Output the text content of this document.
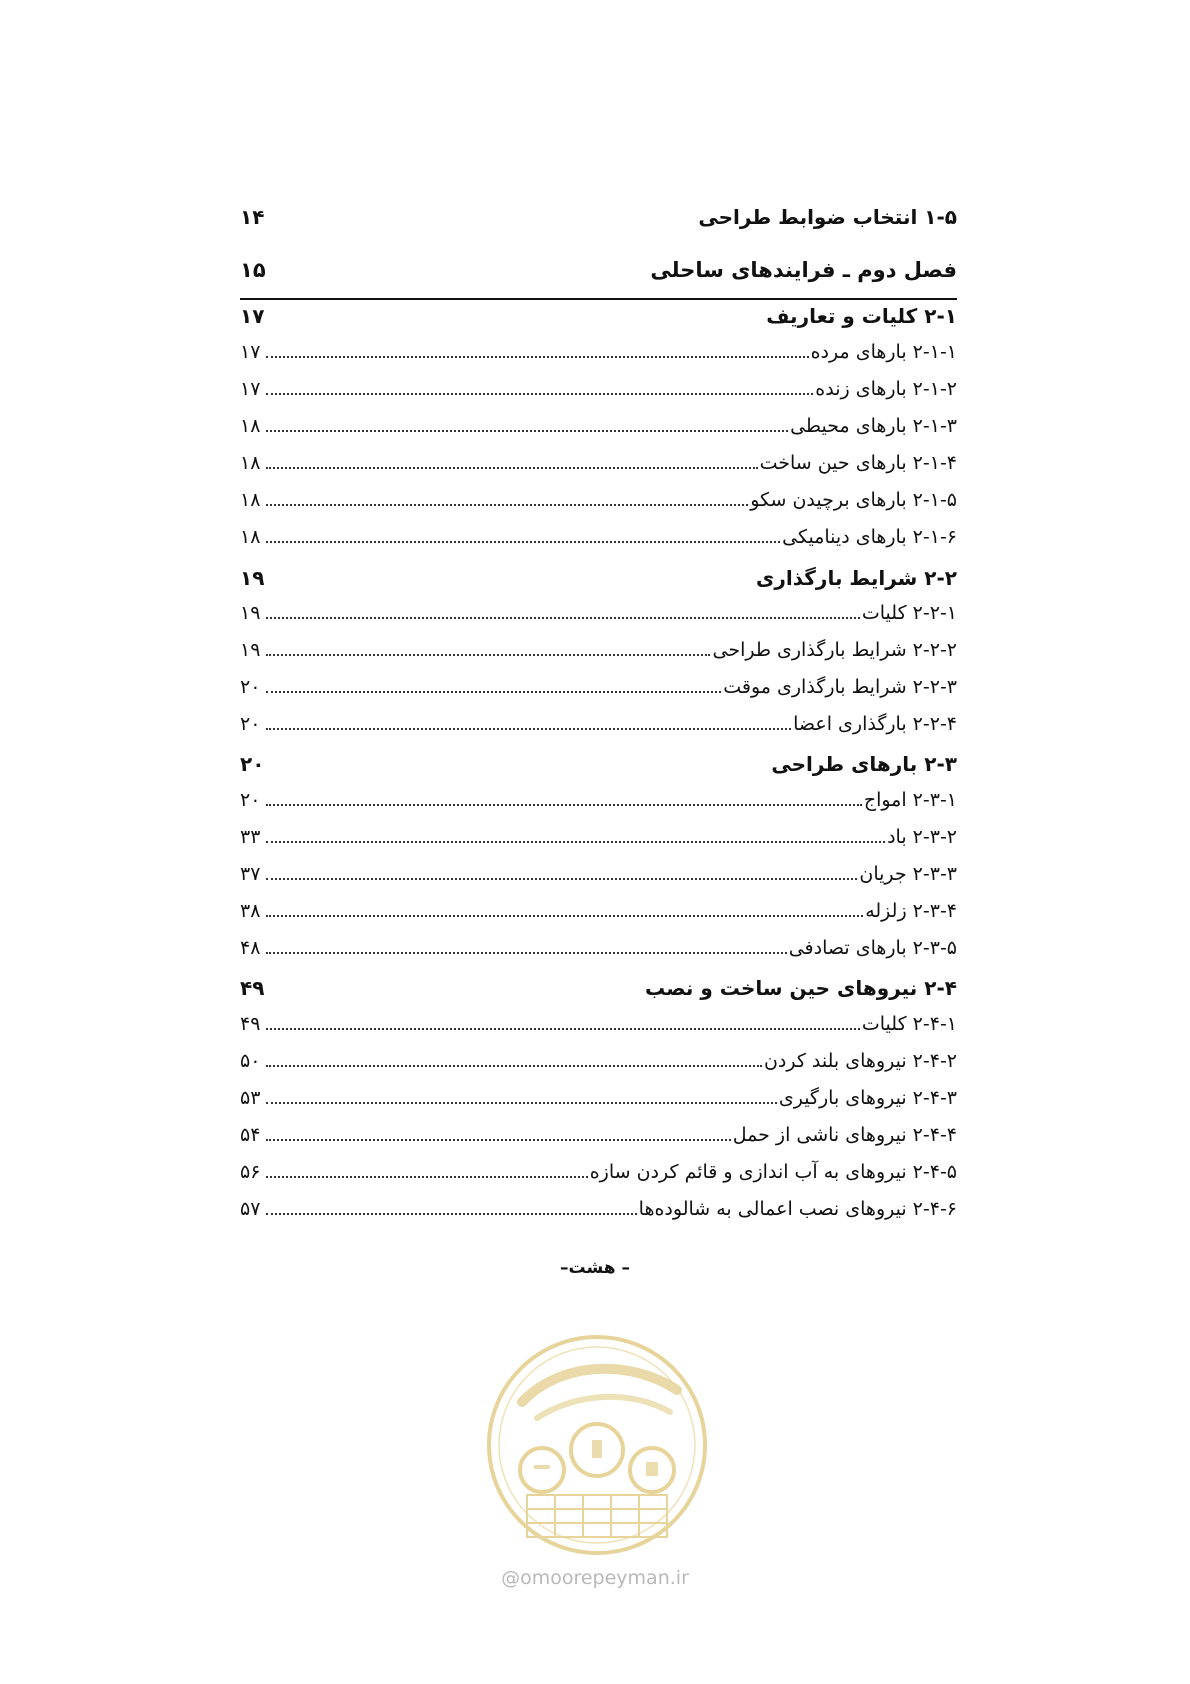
۱-۵ انتخاب ضوابط طراحی
۱۴
فصل دوم ـ فرایندهای ساحلی
۱۵
۲-۱ کلیات و تعاریف
۱۷
۲-۱-۱ بارهای مرده
۱۷
۲-۱-۲ بارهای زنده
۱۷
۲-۱-۳ بارهای محیطی
۱۸
۲-۱-۴ بارهای حین ساخت
۱۸
۲-۱-۵ بارهای برچیدن سکو
۱۸
۲-۱-۶ بارهای دینامیکی
۱۸
۲-۲ شرایط بارگذاری
۱۹
۲-۲-۱ کلیات
۱۹
۲-۲-۲ شرایط بارگذاری طراحی
۱۹
۲-۲-۳ شرایط بارگذاری موقت
۲۰
۲-۲-۴ بارگذاری اعضا
۲۰
۲-۳ بارهای طراحی
۲۰
۲-۳-۱ امواج
۲۰
۲-۳-۲ باد
۳۳
۲-۳-۳ جریان
۳۷
۲-۳-۴ زلزله
۳۸
۲-۳-۵ بارهای تصادفی
۴۸
۲-۴ نیروهای حین ساخت و نصب
۴۹
۲-۴-۱ کلیات
۴۹
۲-۴-۲ نیروهای بلند کردن
۵۰
۲-۴-۳ نیروهای بارگیری
۵۳
۲-۴-۴ نیروهای ناشی از حمل
۵۴
۲-۴-۵ نیروهای به آب اندازی و قائم کردن سازه
۵۶
۲-۴-۶ نیروهای نصب اعمالی به شالوده‌ها
۵۷
– هشت–
@omoorepeyman.ir
